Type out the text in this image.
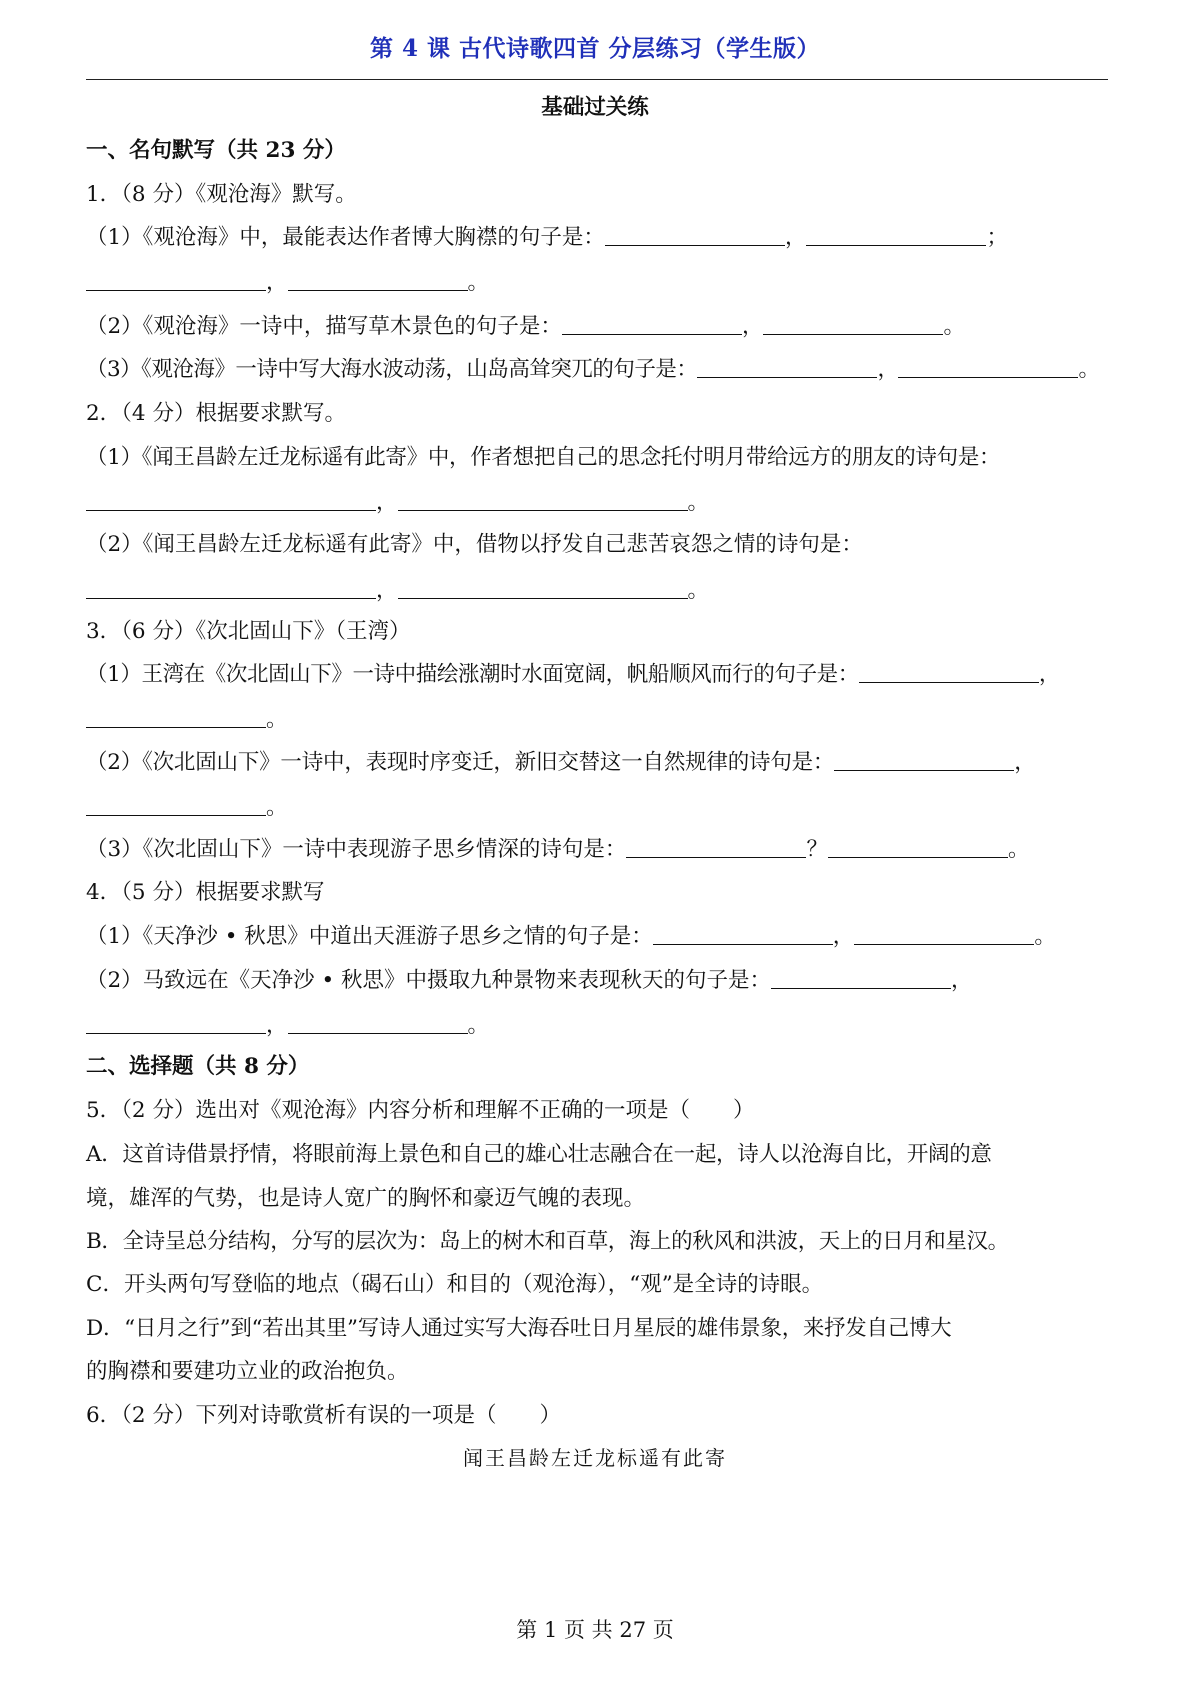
第 4 课 古代诗歌四首 分层练习（学生版）
基础过关练
一、名句默写（共 23 分）
1．（8 分）《观沧海》默写。
（1）《观沧海》中，最能表达作者博大胸襟的句子是：	，	；
，	。
（2）《观沧海》一诗中，描写草木景色的句子是：	，	。
（3）《观沧海》一诗中写大海水波动荡，山岛高耸突兀的句子是：	，	。
2．（4 分）根据要求默写。
（1）《闻王昌龄左迁龙标遥有此寄》中，作者想把自己的思念托付明月带给远方的朋友的诗句是：
，	。
（2）《闻王昌龄左迁龙标遥有此寄》中，借物以抒发自己悲苦哀怨之情的诗句是：
，	。
3．（6 分）《次北固山下》（王湾）
（1）王湾在《次北固山下》一诗中描绘涨潮时水面宽阔，帆船顺风而行的句子是：	，
。
（2）《次北固山下》一诗中，表现时序变迁，新旧交替这一自然规律的诗句是：	，
。
（3）《次北固山下》一诗中表现游子思乡情深的诗句是：	？	。
4．（5 分）根据要求默写
（1）《天净沙 • 秋思》中道出天涯游子思乡之情的句子是：	，	。
（2）马致远在《天净沙 • 秋思》中摄取九种景物来表现秋天的句子是：	，
，	。
二、选择题（共 8 分）
5．（2 分）选出对《观沧海》内容分析和理解不正确的一项是（　　）
A．这首诗借景抒情，将眼前海上景色和自己的雄心壮志融合在一起，诗人以沧海自比，开阔的意
境，雄浑的气势，也是诗人宽广的胸怀和豪迈气魄的表现。
B．全诗呈总分结构，分写的层次为：岛上的树木和百草，海上的秋风和洪波，天上的日月和星汉。
C．开头两句写登临的地点（碣石山）和目的（观沧海），“观”是全诗的诗眼。
D．“日月之行”到“若出其里”写诗人通过实写大海吞吐日月星辰的雄伟景象，来抒发自己博大
的胸襟和要建功立业的政治抱负。
6．（2 分）下列对诗歌赏析有误的一项是（　　）
闻王昌龄左迁龙标遥有此寄
第 1 页 共 27 页
